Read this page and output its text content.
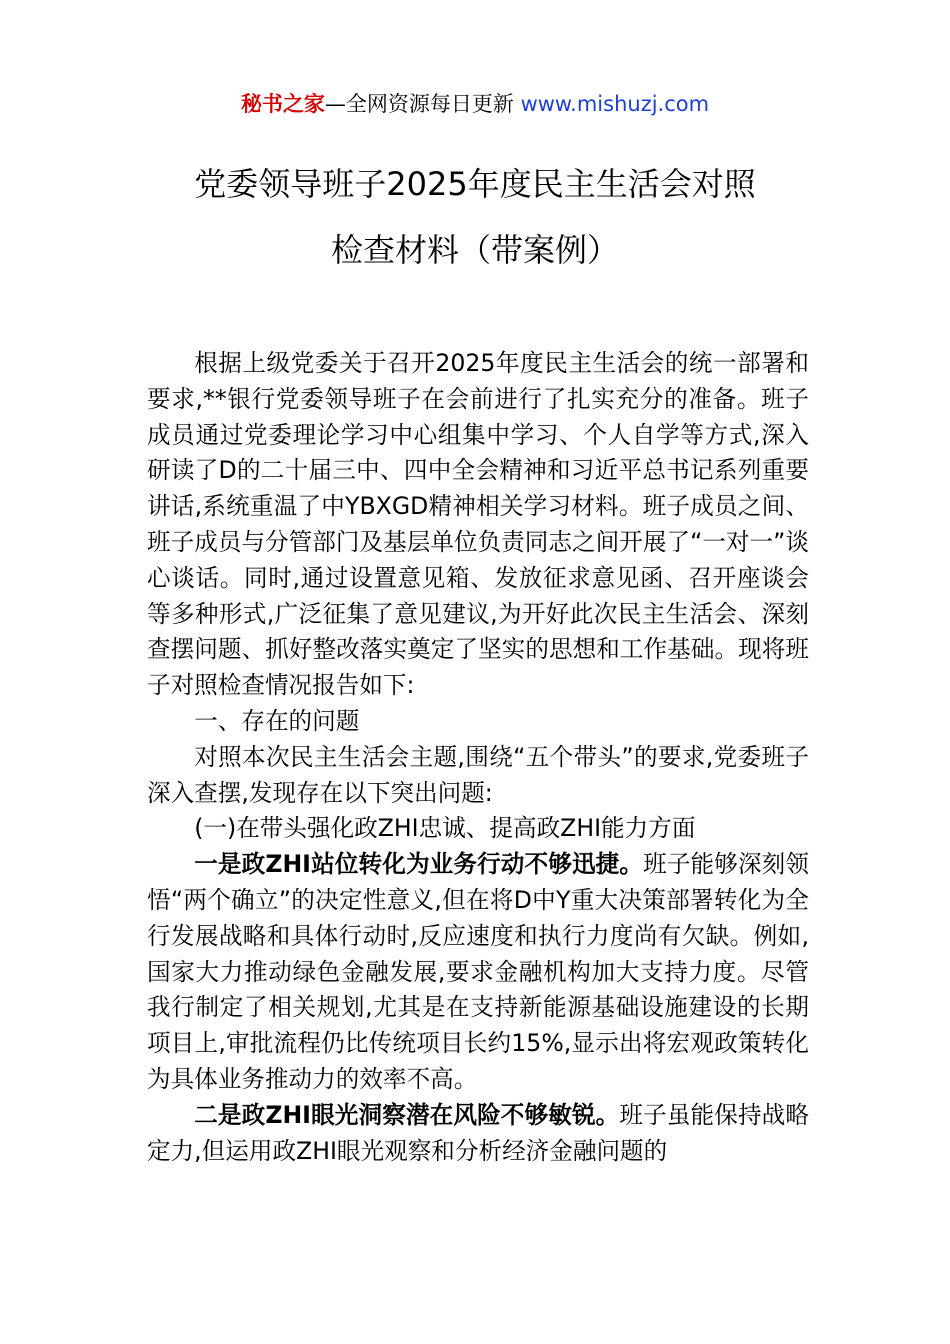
秘书之家—全网资源每日更新 www.mishuzj.com
党委领导班子2025年度民主生活会对照
检查材料（带案例）

根据上级党委关于召开2025年度民主生活会的统一部署和要求,**银行党委领导班子在会前进行了扎实充分的准备。班子成员通过党委理论学习中心组集中学习、个人自学等方式,深入研读了D的二十届三中、四中全会精神和习近平总书记系列重要讲话,系统重温了中YBXGD精神相关学习材料。班子成员之间、班子成员与分管部门及基层单位负责同志之间开展了“一对一”谈心谈话。同时,通过设置意见箱、发放征求意见函、召开座谈会等多种形式,广泛征集了意见建议,为开好此次民主生活会、深刻查摆问题、抓好整改落实奠定了坚实的思想和工作基础。现将班子对照检查情况报告如下:

一、存在的问题

对照本次民主生活会主题,围绕“五个带头”的要求,党委班子深入查摆,发现存在以下突出问题:

(一)在带头强化政ZHI忠诚、提高政ZHI能力方面

一是政ZHI站位转化为业务行动不够迅捷。班子能够深刻领悟“两个确立”的决定性意义,但在将D中Y重大决策部署转化为全行发展战略和具体行动时,反应速度和执行力度尚有欠缺。例如,国家大力推动绿色金融发展,要求金融机构加大支持力度。尽管我行制定了相关规划,尤其是在支持新能源基础设施建设的长期项目上,审批流程仍比传统项目长约15%,显示出将宏观政策转化为具体业务推动力的效率不高。

二是政ZHI眼光洞察潜在风险不够敏锐。班子虽能保持战略定力,但运用政ZHI眼光观察和分析经济金融问题的
